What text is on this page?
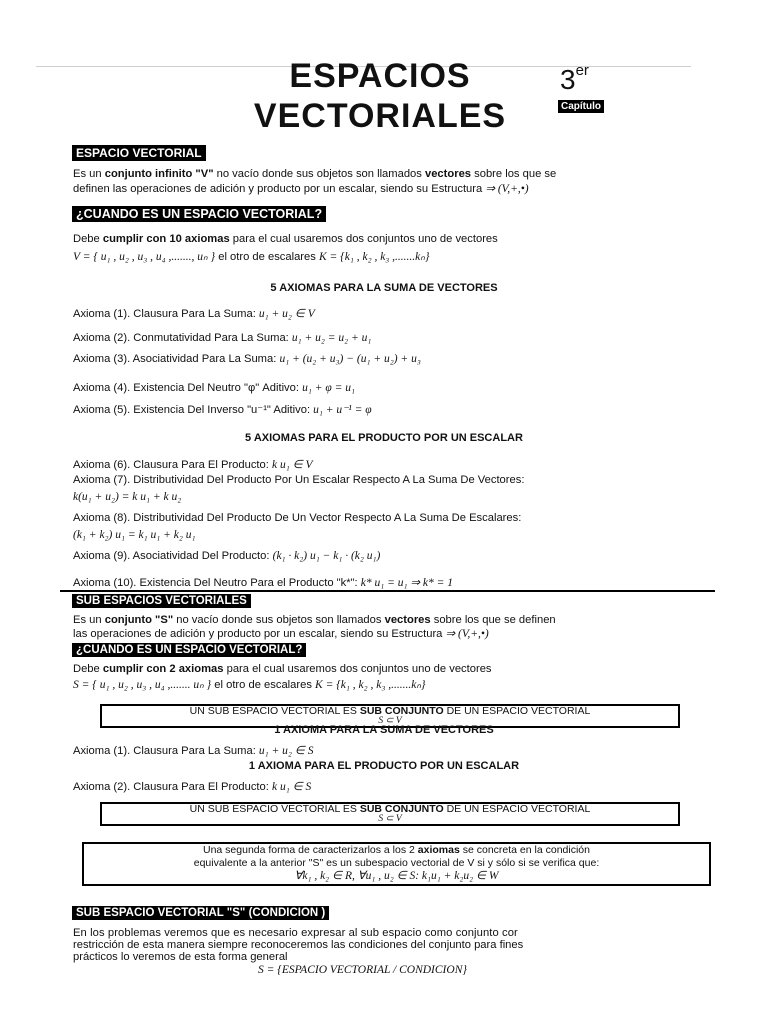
ESPACIOS
VECTORIALES
3er
Capítulo
ESPACIO VECTORIAL
Es un conjunto infinito "V" no vacío donde sus objetos son llamados vectores sobre los que se
definen las operaciones de adición y producto por un escalar, siendo su Estructura ⇒ (V,+,•)
¿CUANDO ES UN ESPACIO VECTORIAL?
Debe cumplir con 10 axiomas para el cual usaremos dos conjuntos uno de vectores
V = { u₁ , u₂ , u₃ , u₄ ,......., uₙ } el otro de escalares K = {k₁ , k₂ , k₃ ,.......kₙ}
5 AXIOMAS PARA LA SUMA DE VECTORES
Axioma (1). Clausura Para La Suma: u₁ + u₂ ∈ V
Axioma (2). Conmutatividad Para La Suma: u₁ + u₂ = u₂ + u₁
Axioma (3). Asociatividad Para La Suma: u₁ + (u₂ + u₃) − (u₁ + u₂) + u₃
Axioma (4). Existencia Del Neutro "φ" Aditivo: u₁ + φ = u₁
Axioma (5). Existencia Del Inverso "u⁻¹" Aditivo: u₁ + u⁻¹ = φ
5 AXIOMAS PARA EL PRODUCTO POR UN ESCALAR
Axioma (6). Clausura Para El Producto: k u₁ ∈ V
Axioma (7). Distributividad Del Producto Por Un Escalar Respecto A La Suma De Vectores:
k(u₁ + u₂) = k u₁ + k u₂
Axioma (8). Distributividad Del Producto De Un Vector Respecto A La Suma De Escalares:
(k₁ + k₂) u₁ = k₁ u₁ + k₂ u₁
Axioma (9). Asociatividad Del Producto: (k₁ · k₂) u₁ − k₁ · (k₂ u₁)
Axioma (10). Existencia Del Neutro Para el Producto "k*": k* u₁ = u₁ ⇒ k* = 1
SUB ESPACIOS VECTORIALES
Es un conjunto "S" no vacío donde sus objetos son llamados vectores sobre los que se definen
las operaciones de adición y producto por un escalar, siendo su Estructura ⇒ (V,+,•)
¿CUANDO ES UN ESPACIO VECTORIAL?
Debe cumplir con 2 axiomas para el cual usaremos dos conjuntos uno de vectores
S = { u₁ , u₂ , u₃ , u₄ ,....... uₙ } el otro de escalares K = {k₁ , k₂ , k₃ ,.......kₙ}
UN SUB ESPACIO VECTORIAL ES SUB CONJUNTO DE UN ESPACIO VECTORIAL
S ⊂ V
1 AXIOMA PARA LA SUMA DE VECTORES
Axioma (1). Clausura Para La Suma: u₁ + u₂ ∈ S
1 AXIOMA PARA EL PRODUCTO POR UN ESCALAR
Axioma (2). Clausura Para El Producto: k u₁ ∈ S
UN SUB ESPACIO VECTORIAL ES SUB CONJUNTO DE UN ESPACIO VECTORIAL
S ⊂ V
Una segunda forma de caracterizarlos a los 2 axiomas se concreta en la condición
equivalente a la anterior "S" es un subespacio vectorial de V si y sólo si se verifica que:
∀k₁ , k₂ ∈ R, ∀u₁ , u₂ ∈ S: k₁u₁ + k₂u₂ ∈ W
SUB ESPACIO VECTORIAL "S" (CONDICION )
En los problemas veremos que es necesario expresar al sub espacio como conjunto cor
restricción de esta manera siempre reconoceremos las condiciones del conjunto para fines
prácticos lo veremos de esta forma general
S = {ESPACIO VECTORIAL / CONDICION}
